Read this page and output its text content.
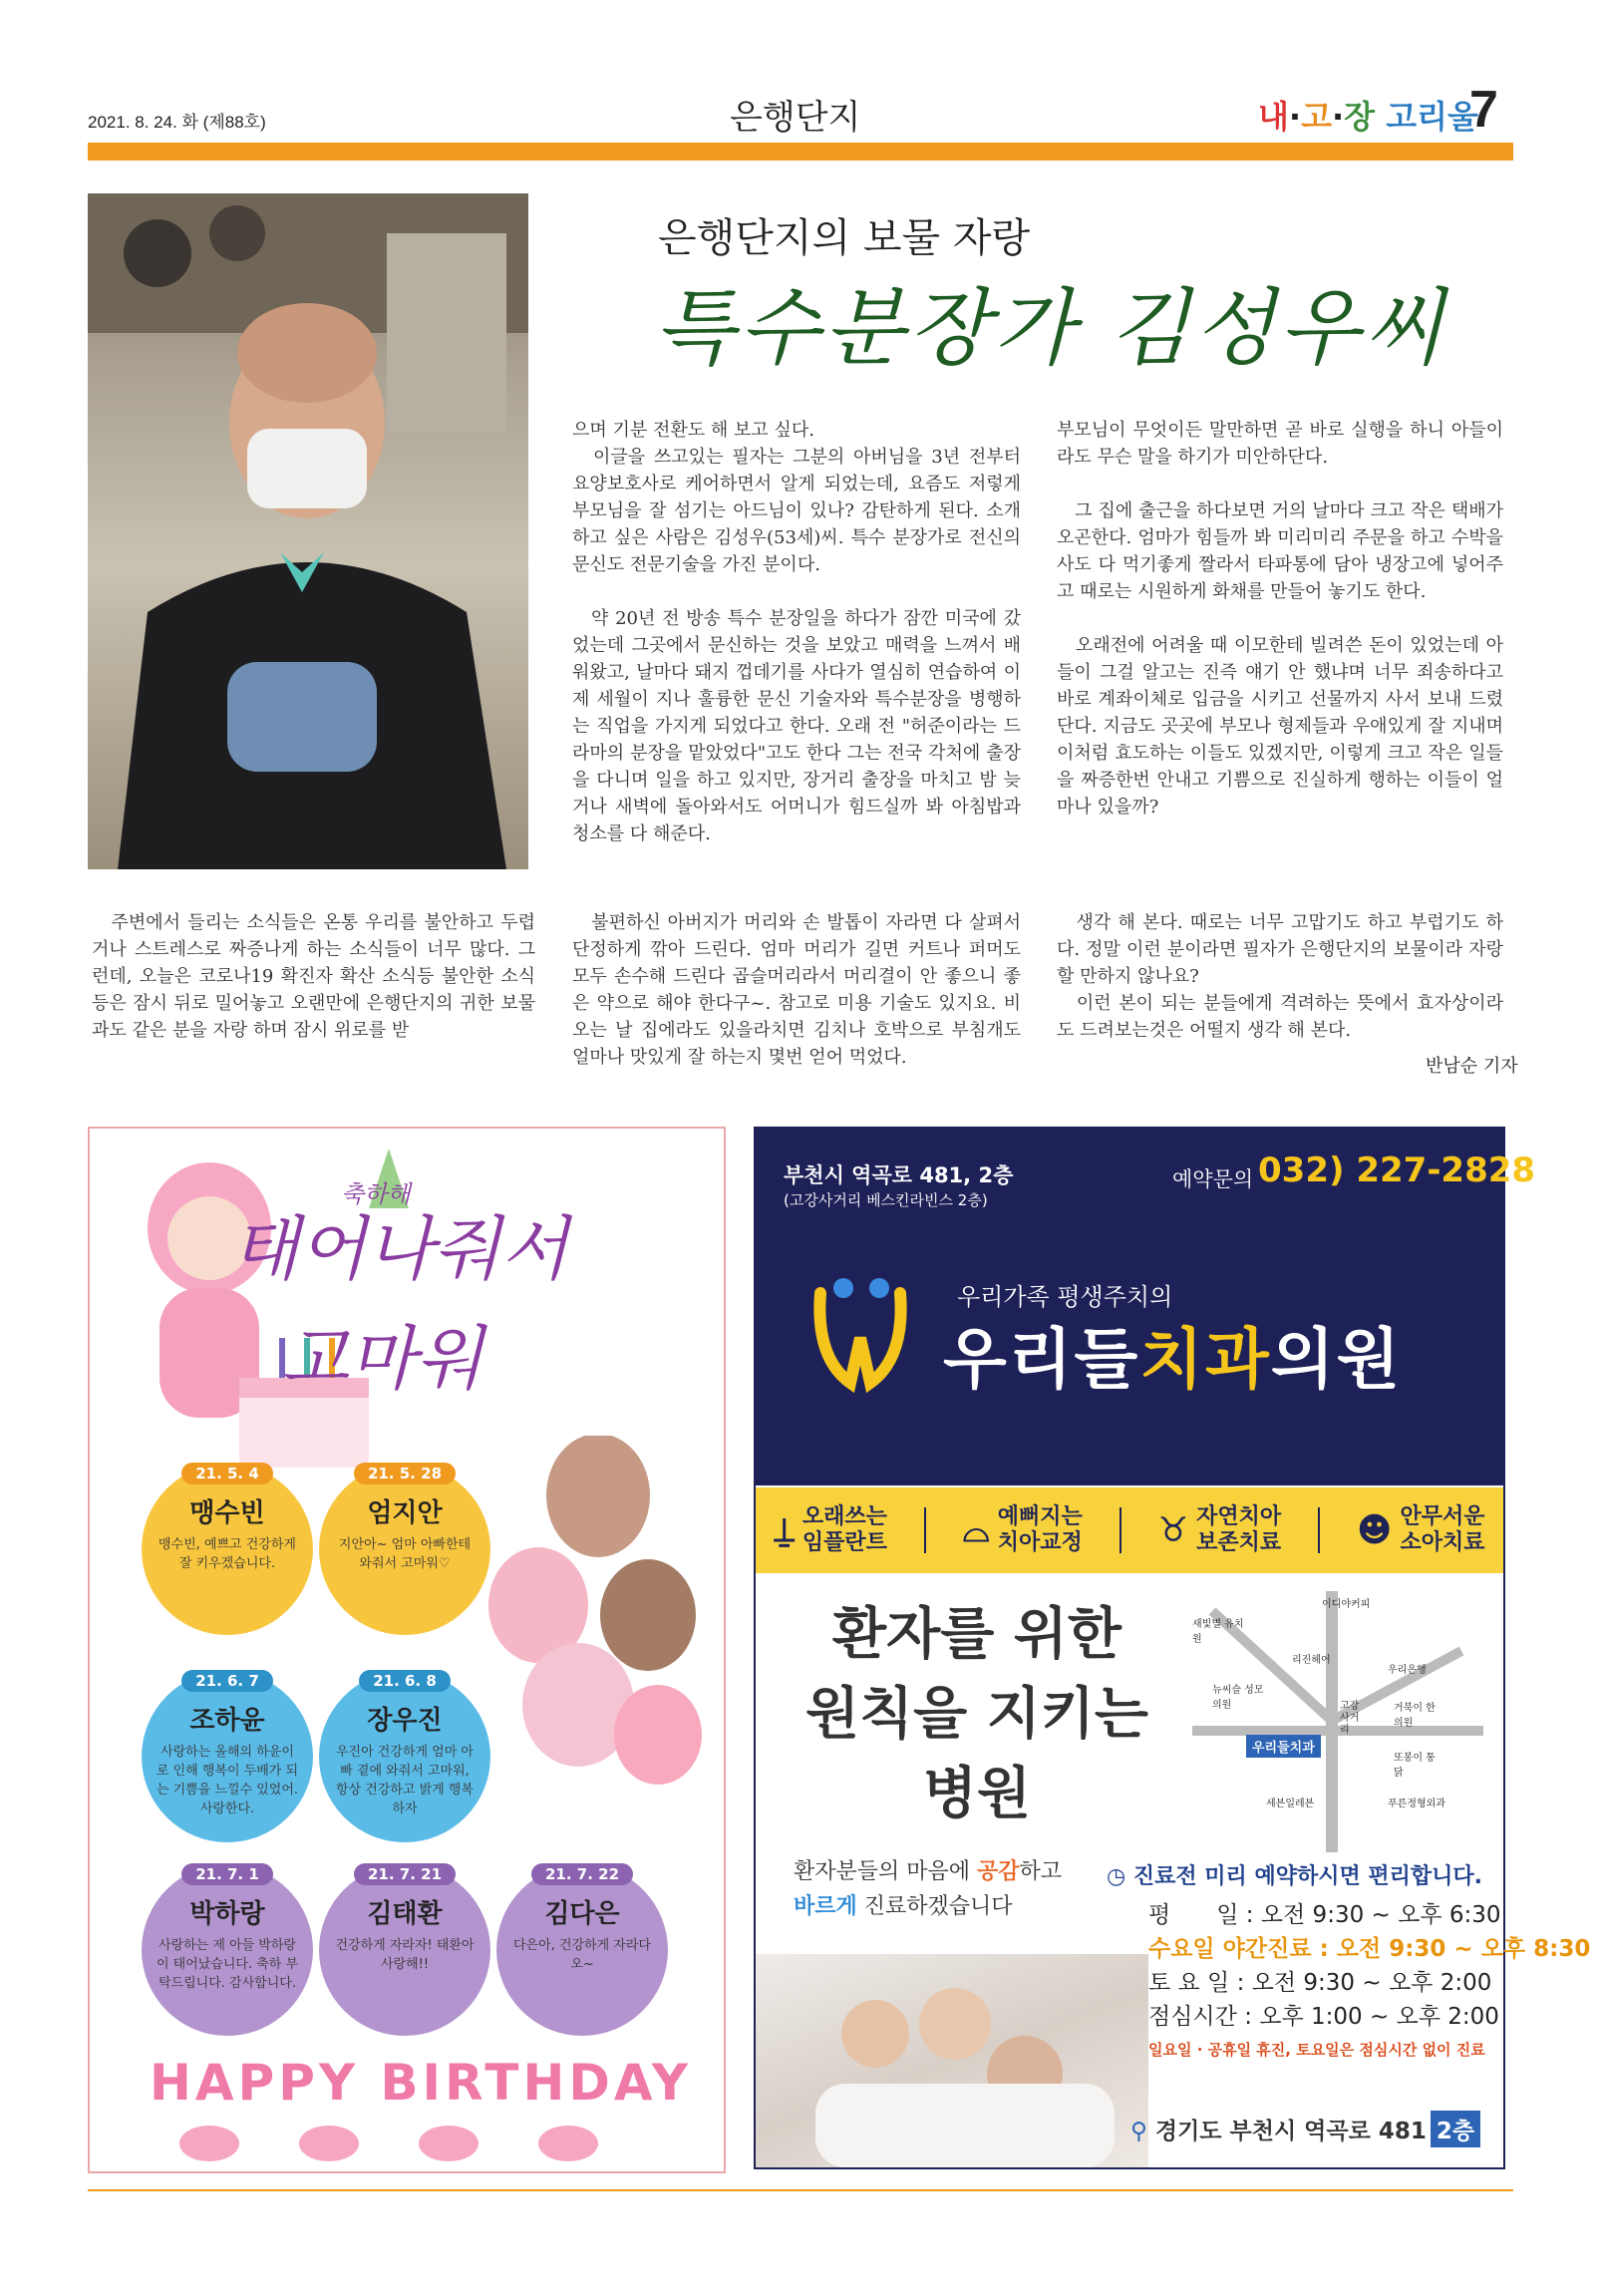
2021. 8. 24. 화 (제88호)	은행단지	내·고·장 고리울
7
은행단지의 보물 자랑
특수분장가 김성우씨

으며 기분 전환도 해 보고 싶다.

　이글을 쓰고있는 필자는 그분의 아버님을 3년 전부터 요양보호사로 케어하면서 알게 되었는데, 요즘도 저렇게 부모님을 잘 섬기는 아드님이 있나? 감탄하게 된다. 소개하고 싶은 사람은 김성우(53세)씨. 특수 분장가로 전신의 문신도 전문기술을 가진 분이다.

　약 20년 전 방송 특수 분장일을 하다가 잠깐 미국에 갔었는데 그곳에서 문신하는 것을 보았고 매력을 느껴서 배워왔고, 날마다 돼지 껍데기를 사다가 열심히 연습하여 이제 세월이 지나 훌륭한 문신 기술자와 특수분장을 병행하는 직업을 가지게 되었다고 한다. 오래 전 "허준이라는 드라마의 분장을 맡았었다"고도 한다 그는 전국 각처에 출장을 다니며 일을 하고 있지만, 장거리 출장을 마치고 밤 늦거나 새벽에 돌아와서도 어머니가 힘드실까 봐 아침밥과 청소를 다 해준다.

부모님이 무엇이든 말만하면 곧 바로 실행을 하니 아들이라도 무슨 말을 하기가 미안하단다.

　그 집에 출근을 하다보면 거의 날마다 크고 작은 택배가 오곤한다. 엄마가 힘들까 봐 미리미리 주문을 하고 수박을 사도 다 먹기좋게 짤라서 타파통에 담아 냉장고에 넣어주고 때로는 시원하게 화채를 만들어 놓기도 한다.

　오래전에 어려울 때 이모한테 빌려쓴 돈이 있었는데 아들이 그걸 알고는 진즉 얘기 안 했냐며 너무 죄송하다고 바로 계좌이체로 입금을 시키고 선물까지 사서 보내 드렸단다. 지금도 곳곳에 부모나 형제들과 우애있게 잘 지내며 이처럼 효도하는 이들도 있겠지만, 이렇게 크고 작은 일들을 짜증한번 안내고 기쁨으로 진실하게 행하는 이들이 얼마나 있을까?

　주변에서 들리는 소식들은 온통 우리를 불안하고 두렵거나 스트레스로 짜증나게 하는 소식들이 너무 많다. 그런데, 오늘은 코로나19 확진자 확산 소식등 불안한 소식등은 잠시 뒤로 밀어놓고 오랜만에 은행단지의 귀한 보물과도 같은 분을 자랑 하며 잠시 위로를 받

　불편하신 아버지가 머리와 손 발톱이 자라면 다 살펴서 단정하게 깎아 드린다. 엄마 머리가 길면 커트나 퍼머도 모두 손수해 드린다 곱슬머리라서 머리결이 안 좋으니 좋은 약으로 해야 한다구~. 참고로 미용 기술도 있지요. 비오는 날 집에라도 있을라치면 김치나 호박으로 부침개도 얼마나 맛있게 잘 하는지 몇번 얻어 먹었다.

　생각 해 본다. 때로는 너무 고맙기도 하고 부럽기도 하다. 정말 이런 분이라면 필자가 은행단지의 보물이라 자랑 할 만하지 않나요?

　이런 본이 되는 분들에게 격려하는 뜻에서 효자상이라도 드려보는것은 어떨지 생각 해 본다.

반남순 기자
축하해
태어나줘서
고마워
21. 5. 4
맹수빈
맹수빈, 예쁘고 건강하게 잘 키우겠습니다.
21. 5. 28
엄지안
지안아~ 엄마 아빠한테 와줘서 고마워♡
21. 6. 7
조하윤
사랑하는 올해의 하윤이로 인해 행복이 두배가 되는 기쁨을 느낄수 있었어. 사랑한다.
21. 6. 8
장우진
우진아 건강하게 엄마 아빠 곁에 와줘서 고마워, 항상 건강하고 밝게 행복하자
21. 7. 1
박하랑
사랑하는 제 아들 박하랑이 태어났습니다. 축하 부탁드립니다. 감사합니다.
21. 7. 21
김태환
건강하게 자라자! 태환아 사랑해!!
21. 7. 22
김다은
다은아, 건강하게 자라다오~
HAPPY BIRTHDAY
부천시 역곡로 481, 2층
(고강사거리 베스킨라빈스 2층)
예약문의 032) 227-2828
우리가족 평생주치의
우리들치과의원
⍊ 오래쓰는
임플란트 ⌓ 예뻐지는
치아교정 ♉ 자연치아
보존치료 ☻ 안무서운
소아치료
환자를 위한
원칙을 지키는
병원
이디야커피
새빛별 유치원
리진헤어
우리은행
뉴씨슬 성모의원	고강사거리
거북이 한의원
또봉이 통닭
세븐일레븐	푸른정형외과
우리들치과
환자분들의 마음에 공감하고
바르게 진료하겠습니다
◷ 진료전 미리 예약하시면 편리합니다.
평　　일 : 오전 9:30 ~ 오후 6:30
수요일 야간진료 : 오전 9:30 ~ 오후 8:30
토 요 일 : 오전 9:30 ~ 오후 2:00
점심시간 : 오후 1:00 ~ 오후 2:00
일요일 · 공휴일 휴진, 토요일은 점심시간 없이 진료
⚲ 경기도 부천시 역곡로 481 2층
